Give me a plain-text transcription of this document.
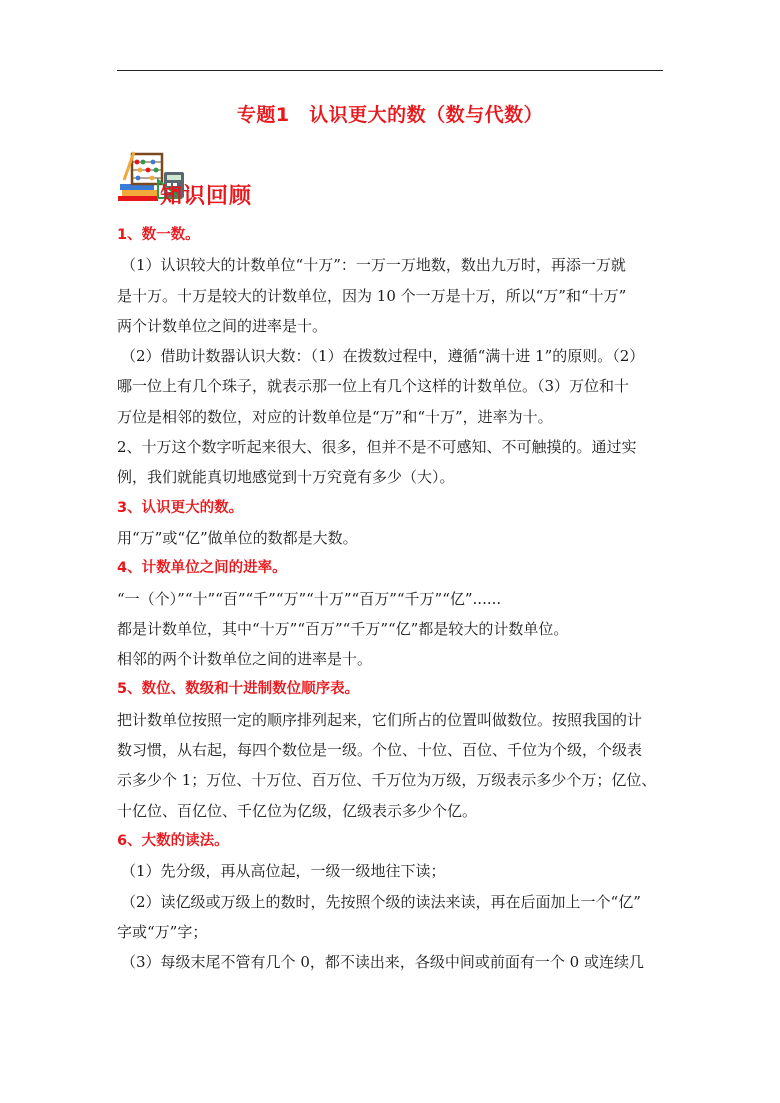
专题1　认识更大的数（数与代数）
知识回顾

1、数一数。

（1）认识较大的计数单位“十万”：一万一万地数，数出九万时，再添一万就

是十万。十万是较大的计数单位，因为 10 个一万是十万，所以“万”和“十万”

两个计数单位之间的进率是十。

（2）借助计数器认识大数：（1）在拨数过程中，遵循“满十进 1”的原则。（2）

哪一位上有几个珠子，就表示那一位上有几个这样的计数单位。（3）万位和十

万位是相邻的数位，对应的计数单位是“万”和“十万”，进率为十。

2、十万这个数字听起来很大、很多，但并不是不可感知、不可触摸的。通过实

例，我们就能真切地感觉到十万究竟有多少（大）。

3、认识更大的数。

用“万”或“亿”做单位的数都是大数。

4、计数单位之间的进率。

“一（个）”“十”“百”“千”“万”“十万”“百万”“千万”“亿”......

都是计数单位，其中“十万”“百万”“千万”“亿”都是较大的计数单位。

相邻的两个计数单位之间的进率是十。

5、数位、数级和十进制数位顺序表。

把计数单位按照一定的顺序排列起来，它们所占的位置叫做数位。按照我国的计

数习惯，从右起，每四个数位是一级。个位、十位、百位、千位为个级，个级表

示多少个 1；万位、十万位、百万位、千万位为万级，万级表示多少个万；亿位、

十亿位、百亿位、千亿位为亿级，亿级表示多少个亿。

6、大数的读法。

（1）先分级，再从高位起，一级一级地往下读；

（2）读亿级或万级上的数时，先按照个级的读法来读，再在后面加上一个“亿”

字或“万”字；

（3）每级末尾不管有几个 0，都不读出来，各级中间或前面有一个 0 或连续几
